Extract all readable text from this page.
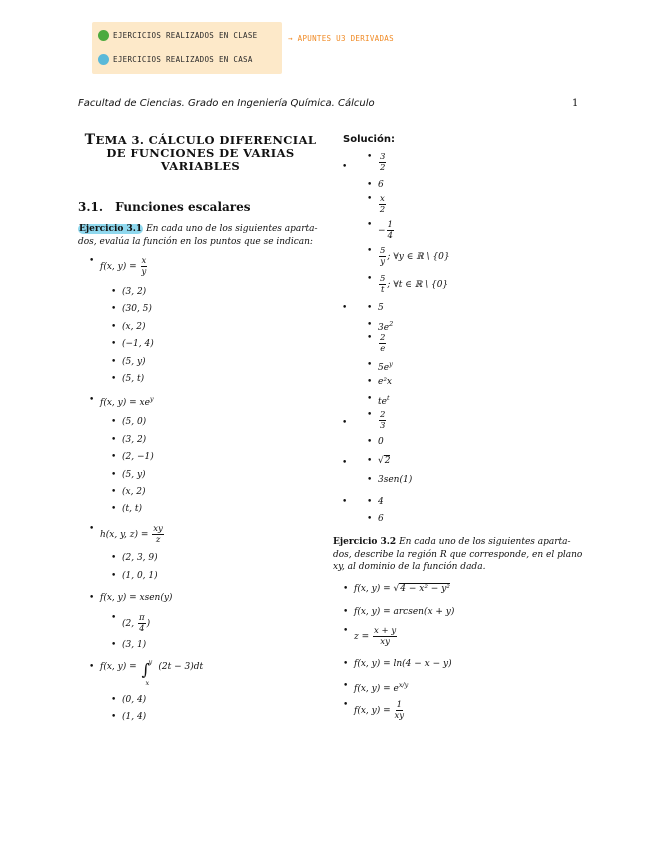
EJERCICIOS REALIZADOS EN CLASE
EJERCICIOS REALIZADOS EN CASA
→ APUNTES U3 DERIVADAS
Facultad de Ciencias. Grado en Ingeniería Química. Cálculo	1
TEMA 3. CÁLCULO DIFERENCIAL DE FUNCIONES DE VARIAS VARIABLES
3.1. Funciones escalares
Ejercicio 3.1 En cada uno de los siguientes aparta- dos, evalúa la función en los puntos que se indican:
• f(x, $y) = \frac{x}{y}$
• (3, 2)
• (30, 5)
• (x, 2)
• (−1, 4)
• (5, y)
• (5, t)
• f(x, $y) = xe^y$
• (5, 0)
• (3, 2)
• (2, −1)
• (5, y)
• (x, 2)
• (t, t)
• h(x, y, $z) = \frac{xy}{z}$
• (2, 3, 9)
• (1, 0, 1)
• f(x, y) = xsen(y)
• (2, $\frac{\pi}{4}$ )
• (3, 1)
• f(x, y) = ∫
y
x
(2t − 3)dt
• (0, 4)
• (1, 4)
Solución:
•
• $\frac{3}{2}$
• 6
• $\frac{x}{2}$
• − $\frac{1}{4}$
• $\frac{5}{y}$ ; ∀y ∈ ℝ \ {0}
• $\frac{5}{t}$ ; ∀t ∈ ℝ \ {0}
•
• 5
• $3e^2$
• $\frac{2}{e}$
• $5e^y$
• e²x
• $te^t$
•
• $\frac{2}{3}$
• 0
•
• √2
• 3sen(1)
•
• 4
• 6
Ejercicio 3.2 En cada uno de los siguientes aparta- dos, describe la región R que corresponde, en el plano xy, al dominio de la función dada.
• f(x, y) = √4 − x² − y²
• f(x, y) = arcsen(x + y)
• $z = \frac{x + y}{xy}$
• f(x, y) = ln(4 − x − y)
• f(x, $y) = e^{x/y}$
• f(x, $y) = \frac{1}{xy}$
